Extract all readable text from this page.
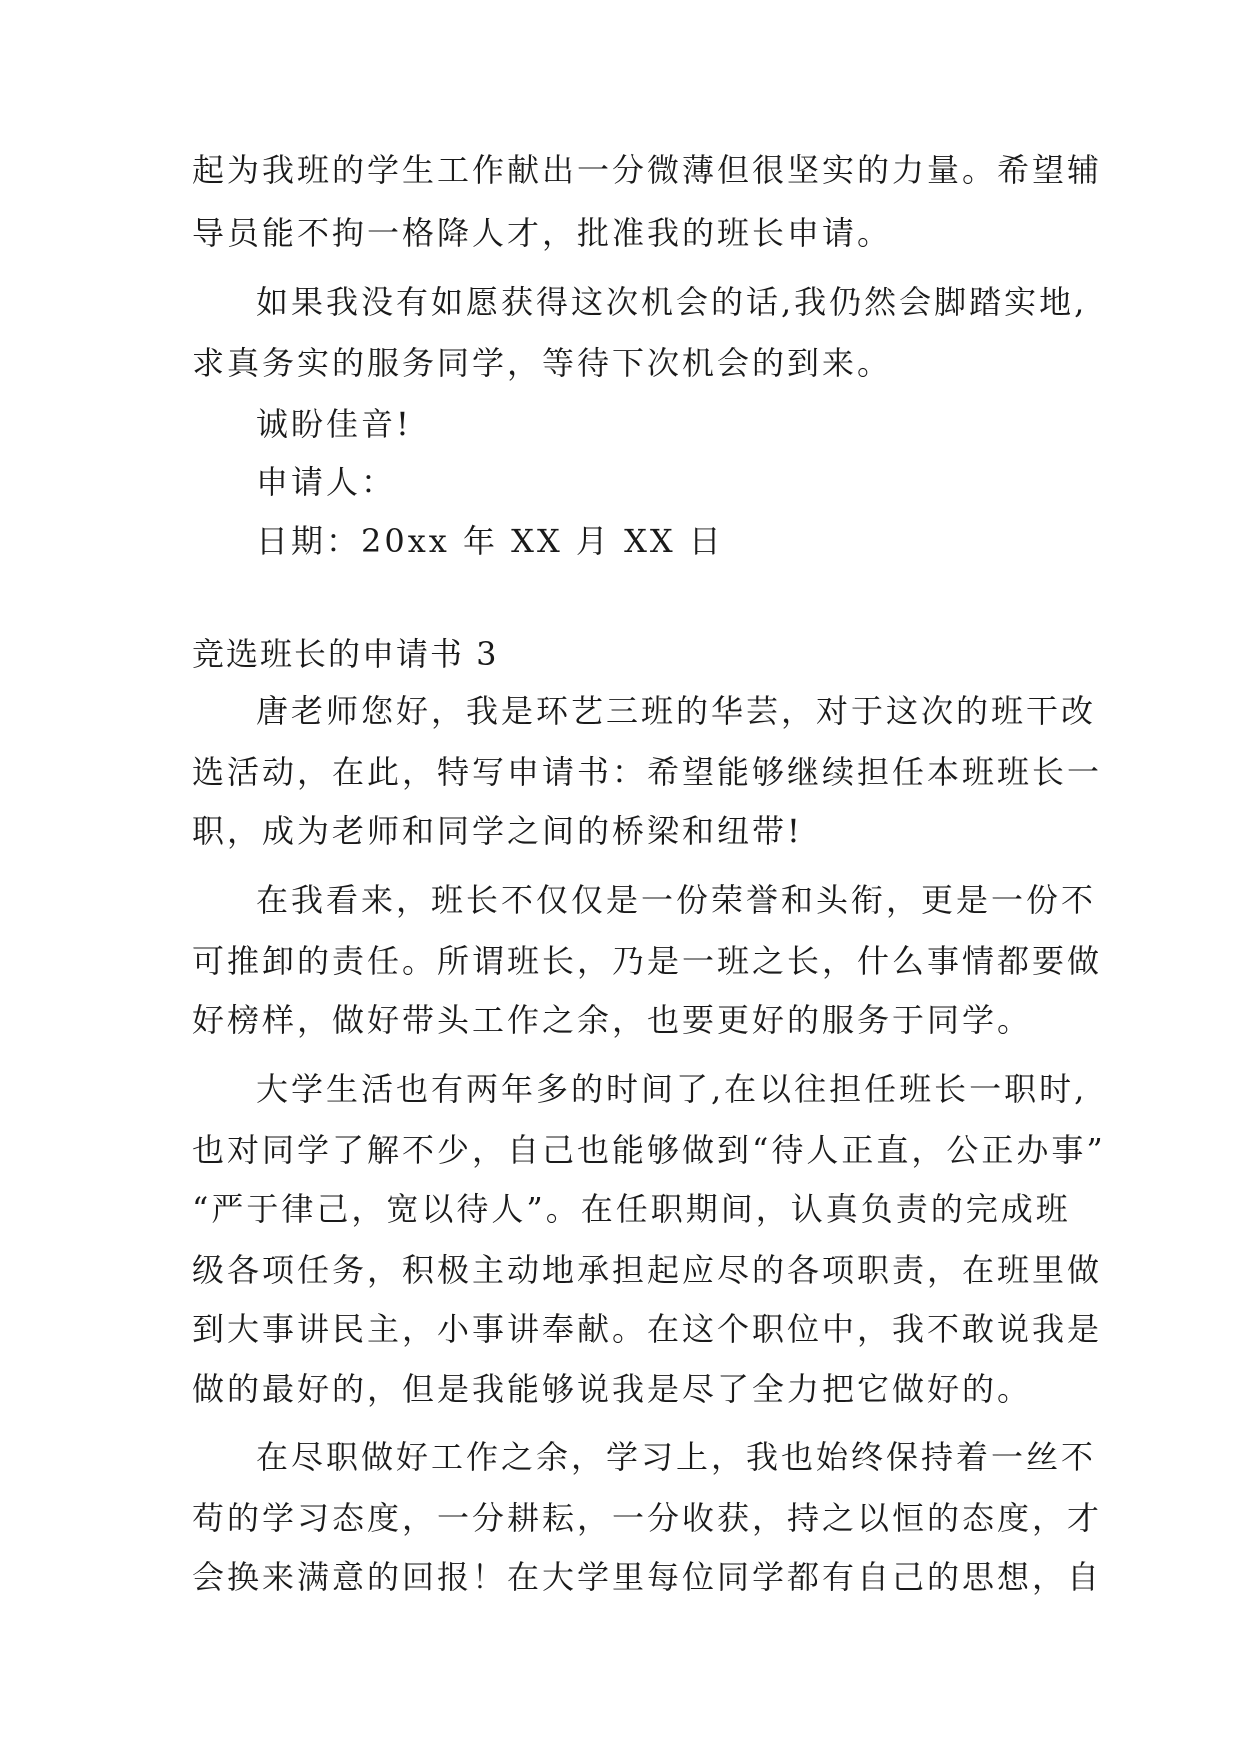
起为我班的学生工作献出一分微薄但很坚实的力量。希望辅
导员能不拘一格降人才，批准我的班长申请。
如果我没有如愿获得这次机会的话,我仍然会脚踏实地,
求真务实的服务同学，等待下次机会的到来。
诚盼佳音!
申请人：
日期：20xx 年 XX 月 XX 日
竞选班长的申请书 3
唐老师您好，我是环艺三班的华芸，对于这次的班干改
选活动，在此，特写申请书：希望能够继续担任本班班长一
职，成为老师和同学之间的桥梁和纽带!
在我看来，班长不仅仅是一份荣誉和头衔，更是一份不
可推卸的责任。所谓班长，乃是一班之长，什么事情都要做
好榜样，做好带头工作之余，也要更好的服务于同学。
大学生活也有两年多的时间了,在以往担任班长一职时,
也对同学了解不少，自己也能够做到“待人正直，公正办事”
“严于律己，宽以待人”。在任职期间，认真负责的完成班
级各项任务，积极主动地承担起应尽的各项职责，在班里做
到大事讲民主，小事讲奉献。在这个职位中，我不敢说我是
做的最好的，但是我能够说我是尽了全力把它做好的。
在尽职做好工作之余，学习上，我也始终保持着一丝不
苟的学习态度，一分耕耘，一分收获，持之以恒的态度，才
会换来满意的回报！在大学里每位同学都有自己的思想，自
